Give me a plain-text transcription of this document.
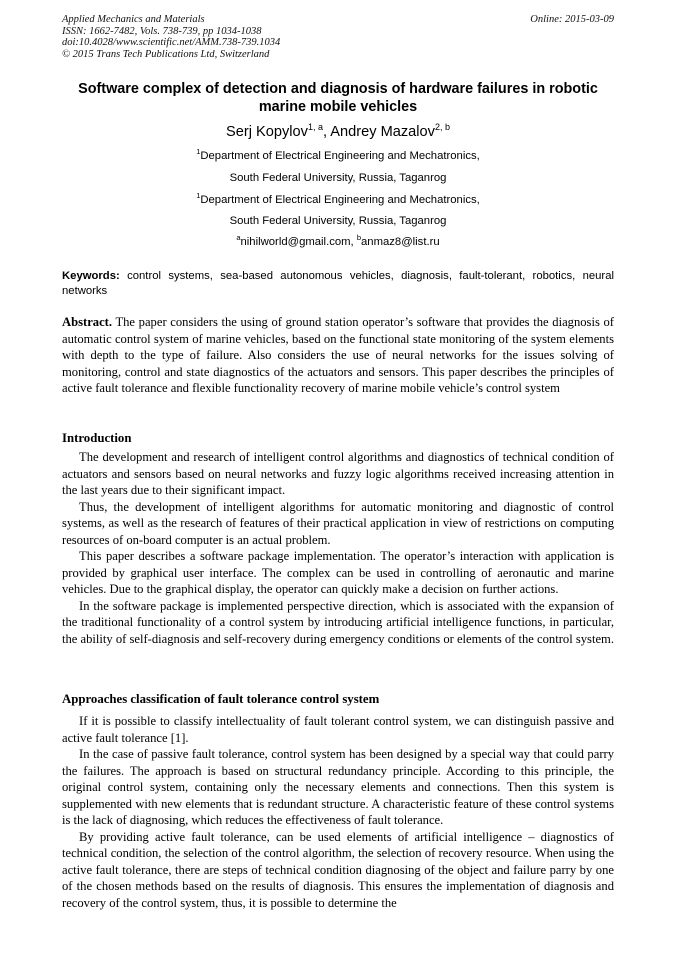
Applied Mechanics and Materials
ISSN: 1662-7482, Vols. 738-739, pp 1034-1038
doi:10.4028/www.scientific.net/AMM.738-739.1034
© 2015 Trans Tech Publications Ltd, Switzerland
Online: 2015-03-09
Software complex of detection and diagnosis of hardware failures in robotic marine mobile vehicles
Serj Kopylov$^{1, a}$, Andrey Mazalov$^{2, b}$
$^1$Department of Electrical Engineering and Mechatronics,
South Federal University, Russia, Taganrog
$^1$Department of Electrical Engineering and Mechatronics,
South Federal University, Russia, Taganrog
$^a$nihilworld@gmail.com, $^b$anmaz8@list.ru
Keywords: control systems, sea-based autonomous vehicles, diagnosis, fault-tolerant, robotics, neural networks

Abstract. The paper considers the using of ground station operator’s software that provides the diagnosis of automatic control system of marine vehicles, based on the functional state monitoring of the system elements with depth to the type of failure. Also considers the use of neural networks for the issues solving of monitoring, control and state diagnostics of the actuators and sensors. This paper describes the principles of active fault tolerance and flexible functionality recovery of marine mobile vehicle’s control system

Introduction

The development and research of intelligent control algorithms and diagnostics of technical condition of actuators and sensors based on neural networks and fuzzy logic algorithms received increasing attention in the last years due to their significant impact.

Thus, the development of intelligent algorithms for automatic monitoring and diagnostic of control systems, as well as the research of features of their practical application in view of restrictions on computing resources of on-board computer is an actual problem.

This paper describes a software package implementation. The operator’s interaction with application is provided by graphical user interface. The complex can be used in controlling of aeronautic and marine vehicles. Due to the graphical display, the operator can quickly make a decision on further actions.

In the software package is implemented perspective direction, which is associated with the expansion of the traditional functionality of a control system by introducing artificial intelligence functions, in particular, the ability of self-diagnosis and self-recovery during emergency conditions or elements of the control system.

Approaches classification of fault tolerance control system

If it is possible to classify intellectuality of fault tolerant control system, we can distinguish passive and active fault tolerance [1].

In the case of passive fault tolerance, control system has been designed by a special way that could parry the failures. The approach is based on structural redundancy principle. According to this principle, the original control system, containing only the necessary elements and connections. Then this system is supplemented with new elements that is redundant structure. A characteristic feature of these control systems is the lack of diagnosing, which reduces the effectiveness of fault tolerance.

By providing active fault tolerance, can be used elements of artificial intelligence – diagnostics of technical condition, the selection of the control algorithm, the selection of recovery resource. When using the active fault tolerance, there are steps of technical condition diagnosing of the object and failure parry by one of the chosen methods based on the results of diagnosis. This ensures the implementation of diagnosis and recovery of the control system, thus, it is possible to determine the
